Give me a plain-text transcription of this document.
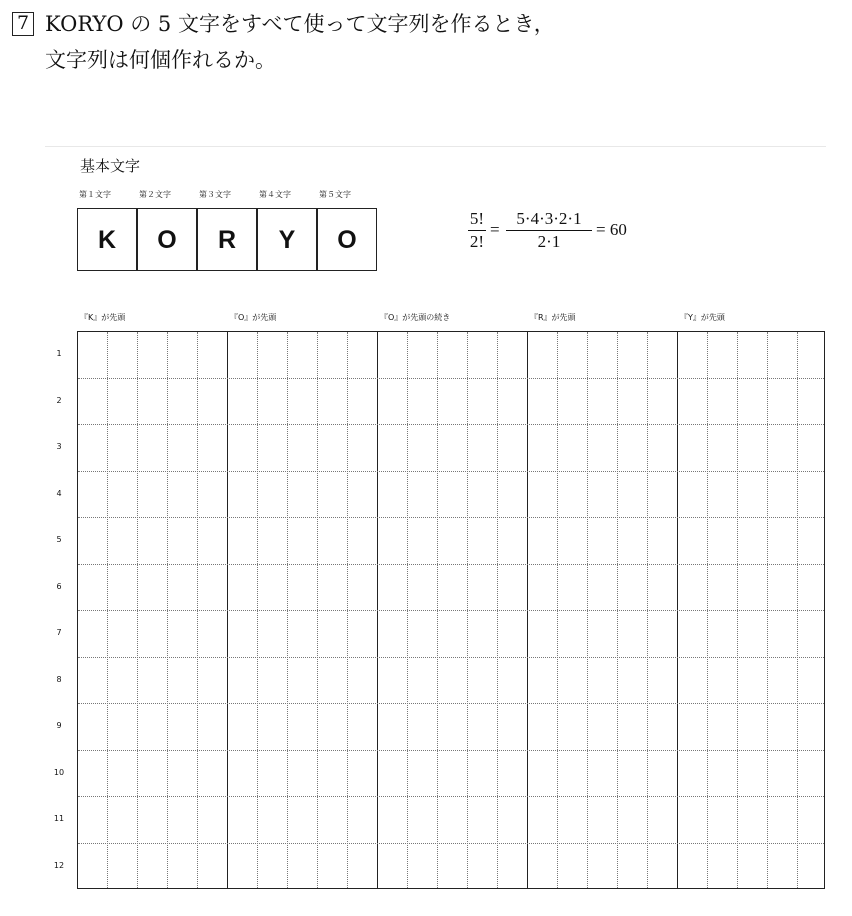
7 KORYO の 5 文字をすべて使って文字列を作るとき，
文字列は何個作れるか。
基本文字
第１文字	第２文字	第３文字	第４文字	第５文字
K	O	R	Y	O
5!
2!
=
5·4·3·2·1
2·1
= 60
『K』が先頭	『O』が先頭	『O』が先頭の続き	『R』が先頭	『Y』が先頭
1
2
3
4
5
6
7
8
9
10
11
12
